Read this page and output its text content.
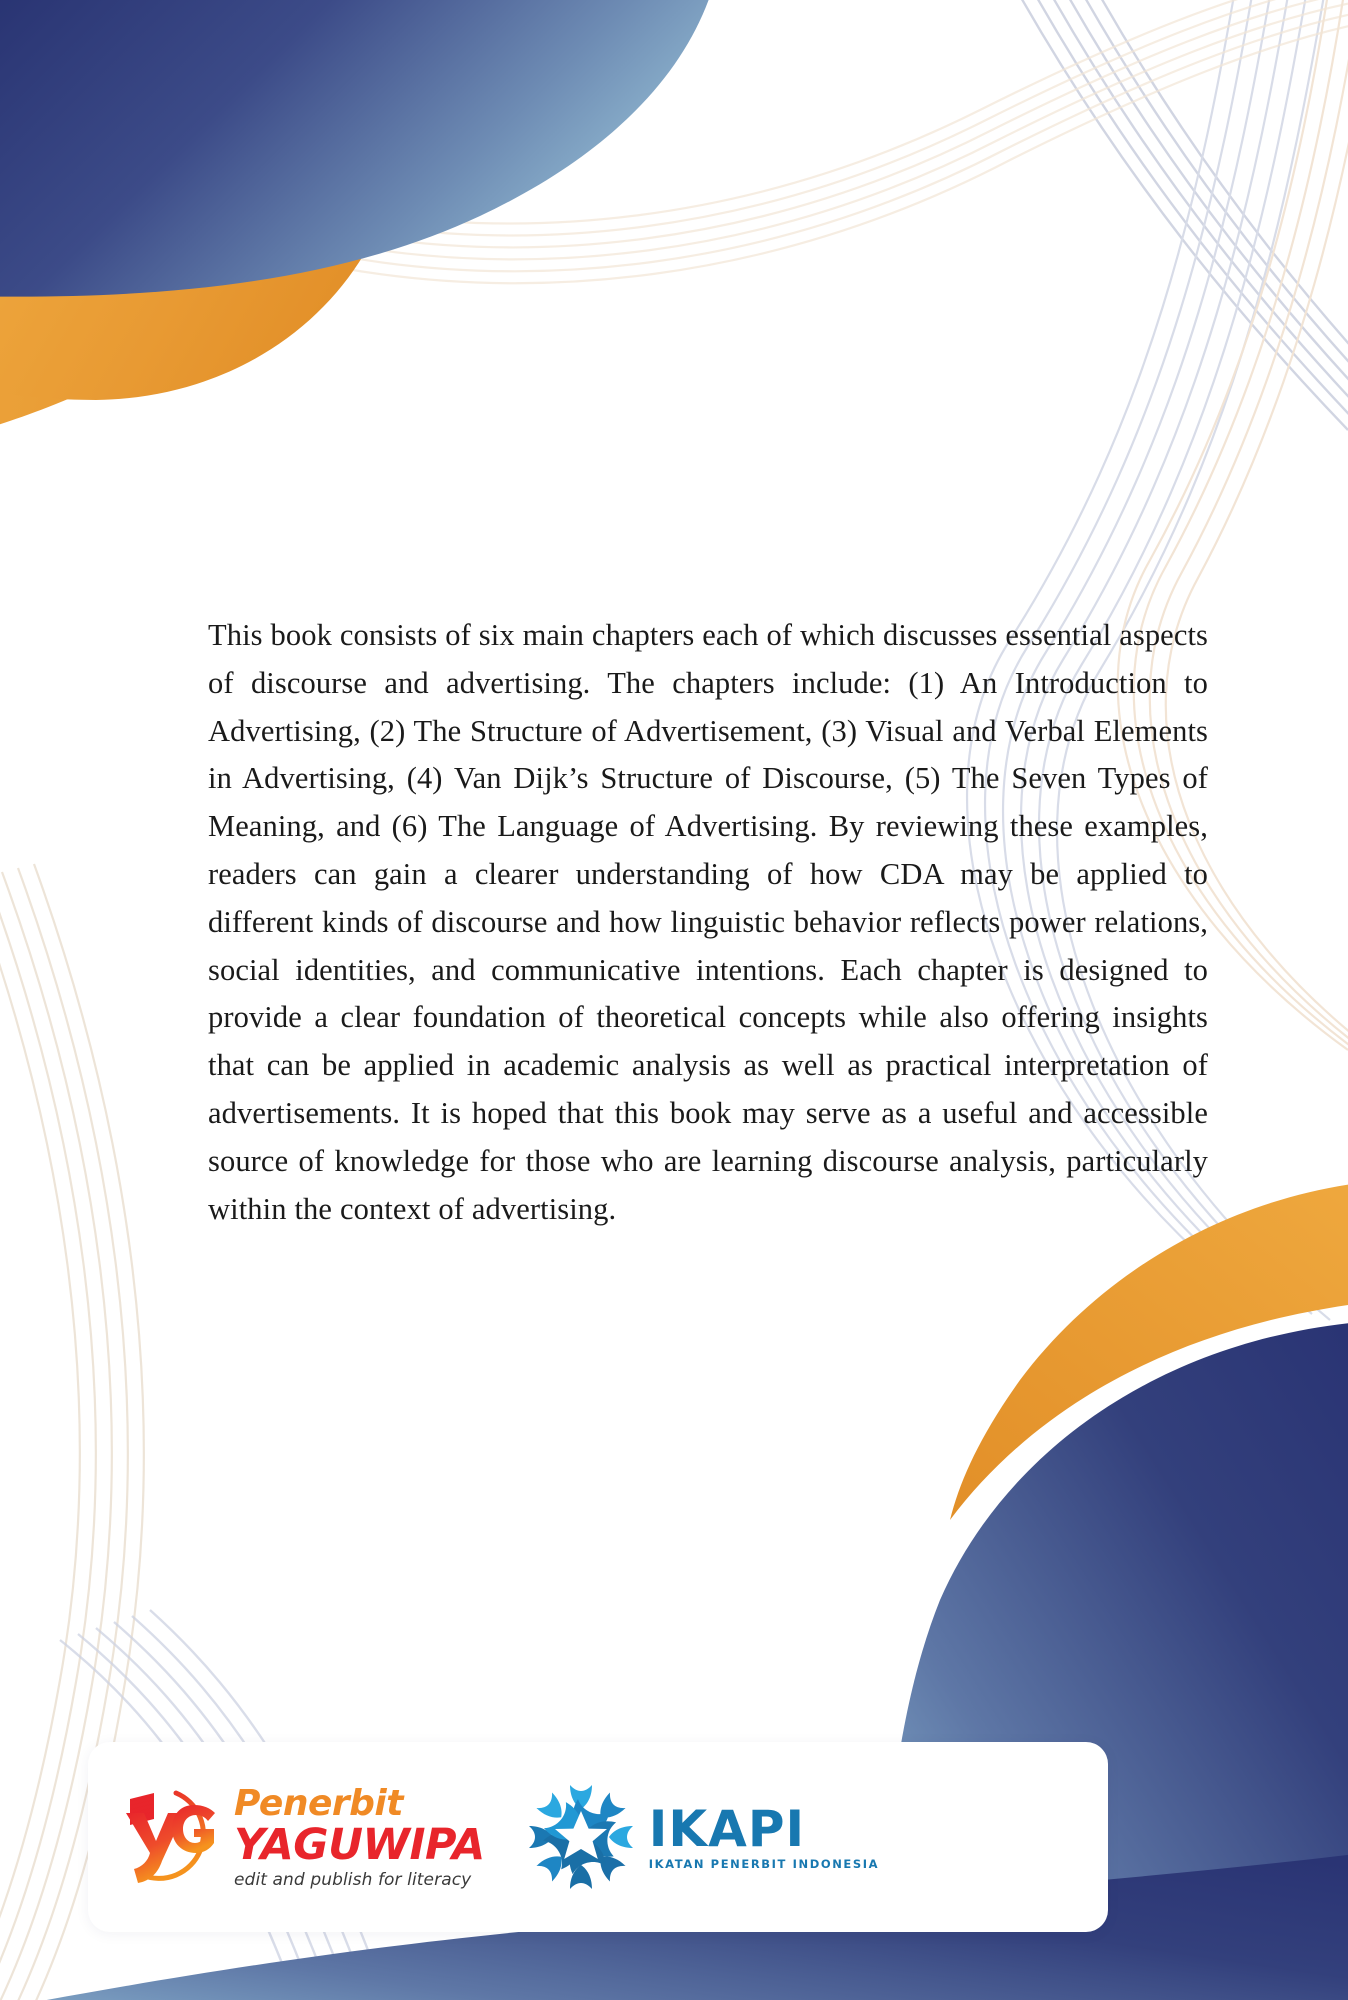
This book consists of six main chapters each of which discusses essential aspects of discourse and advertising. The chapters include: (1) An Introduction to Advertising, (2) The Structure of Advertisement, (3) Visual and Verbal Elements in Advertising, (4) Van Dijk’s Structure of Discourse, (5) The Seven Types of Meaning, and (6) The Language of Advertising. By reviewing these examples, readers can gain a clearer understanding of how CDA may be applied to different kinds of discourse and how linguistic behavior reflects power relations, social identities, and communicative intentions. Each chapter is designed to provide a clear foundation of theoretical concepts while also offering insights that can be applied in academic analysis as well as practical interpretation of advertisements. It is hoped that this book may serve as a useful and accessible source of knowledge for those who are learning discourse analysis, particularly within the context of advertising.

Penerbit
YAGUWIPA
edit and publish for literacy
IKAPI
IKATAN PENERBIT INDONESIA
